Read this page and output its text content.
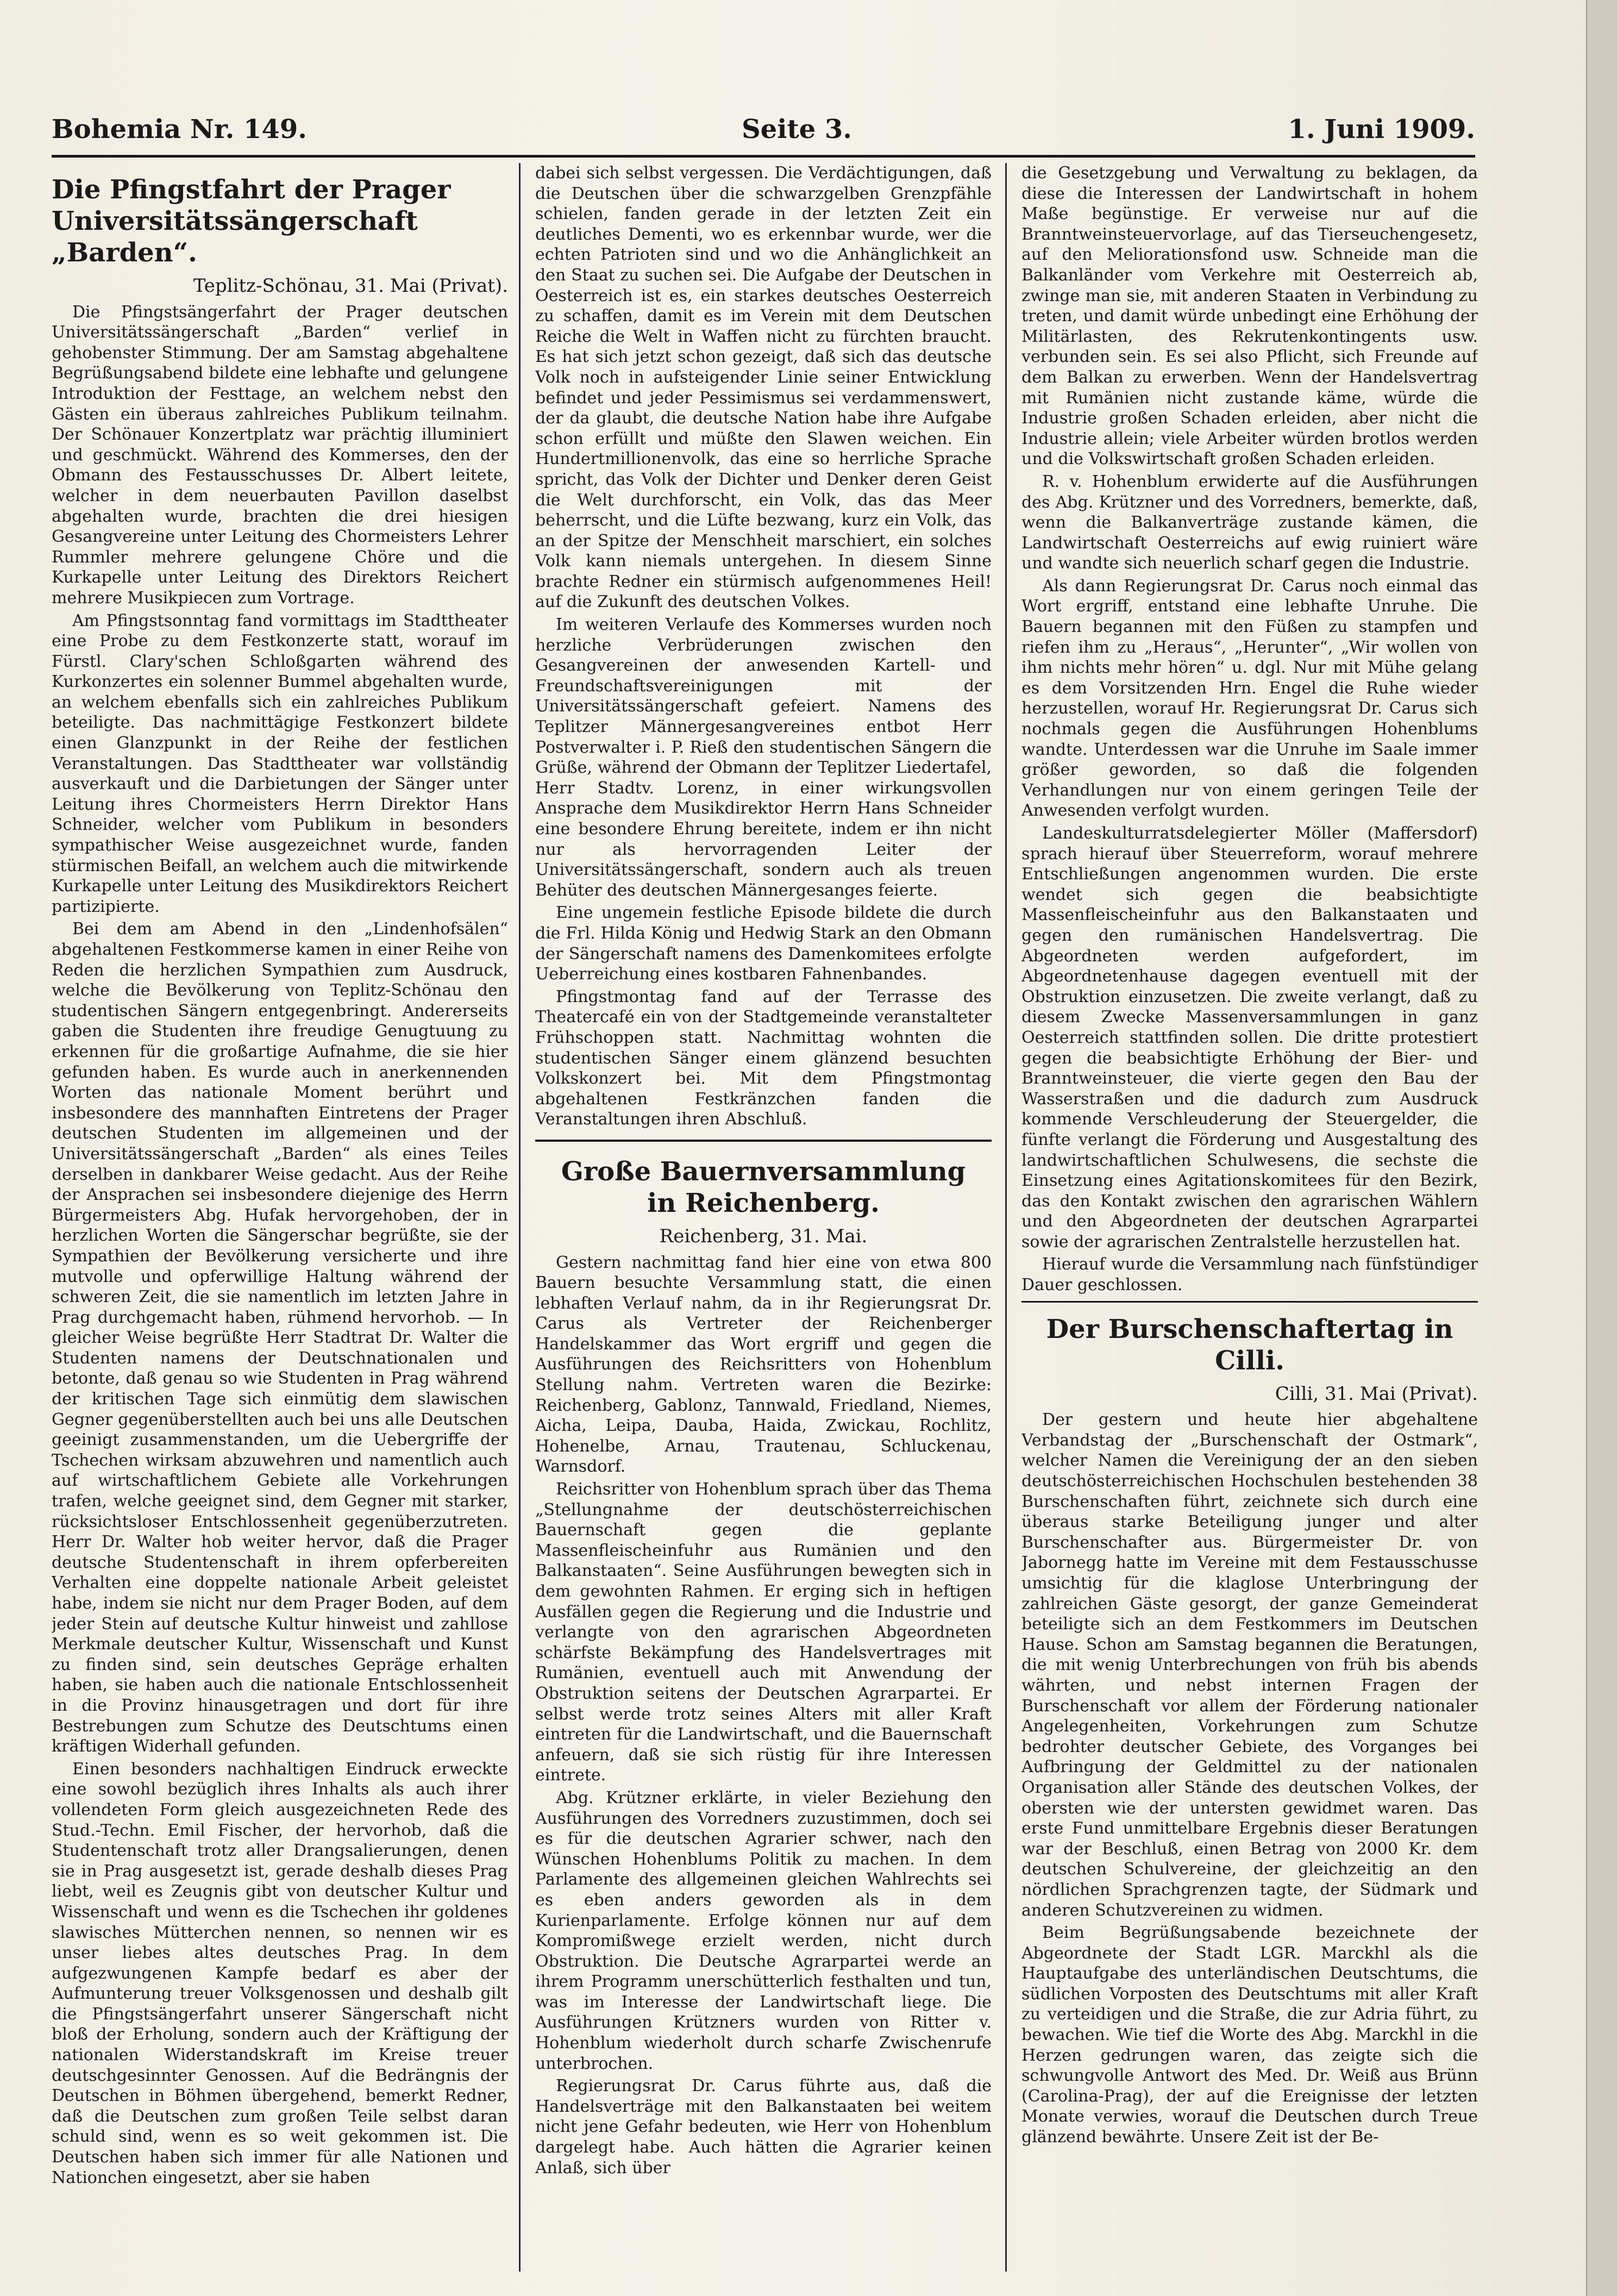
Bohemia Nr. 149.	Seite 3.	1. Juni 1909.
Die Pfingstfahrt der Prager Universitätssängerschaft „Barden“.
Teplitz-Schönau, 31. Mai (Privat).

Die Pfingstsängerfahrt der Prager deutschen Universitätssängerschaft „Barden“ verlief in gehobenster Stimmung. Der am Samstag abgehaltene Begrüßungsabend bildete eine lebhafte und gelungene Introduktion der Festtage, an welchem nebst den Gästen ein überaus zahlreiches Publikum teilnahm. Der Schönauer Konzertplatz war prächtig illuminiert und geschmückt. Während des Kommerses, den der Obmann des Festausschusses Dr. Albert leitete, welcher in dem neuerbauten Pavillon daselbst abgehalten wurde, brachten die drei hiesigen Gesangvereine unter Leitung des Chormeisters Lehrer Rummler mehrere gelungene Chöre und die Kurkapelle unter Leitung des Direktors Reichert mehrere Musikpiecen zum Vortrage.

Am Pfingstsonntag fand vormittags im Stadttheater eine Probe zu dem Festkonzerte statt, worauf im Fürstl. Clary'schen Schloßgarten während des Kurkonzertes ein solenner Bummel abgehalten wurde, an welchem ebenfalls sich ein zahlreiches Publikum beteiligte. Das nachmittägige Festkonzert bildete einen Glanzpunkt in der Reihe der festlichen Veranstaltungen. Das Stadttheater war vollständig ausverkauft und die Darbietungen der Sänger unter Leitung ihres Chormeisters Herrn Direktor Hans Schneider, welcher vom Publikum in besonders sympathischer Weise ausgezeichnet wurde, fanden stürmischen Beifall, an welchem auch die mitwirkende Kurkapelle unter Leitung des Musikdirektors Reichert partizipierte.

Bei dem am Abend in den „Lindenhofsälen“ abgehaltenen Festkommerse kamen in einer Reihe von Reden die herzlichen Sympathien zum Ausdruck, welche die Bevölkerung von Teplitz-Schönau den studentischen Sängern entgegenbringt. Andererseits gaben die Studenten ihre freudige Genugtuung zu erkennen für die großartige Aufnahme, die sie hier gefunden haben. Es wurde auch in anerkennenden Worten das nationale Moment berührt und insbesondere des mannhaften Eintretens der Prager deutschen Studenten im allgemeinen und der Universitätssängerschaft „Barden“ als eines Teiles derselben in dankbarer Weise gedacht. Aus der Reihe der Ansprachen sei insbesondere diejenige des Herrn Bürgermeisters Abg. Hufak hervorgehoben, der in herzlichen Worten die Sängerschar begrüßte, sie der Sympathien der Bevölkerung versicherte und ihre mutvolle und opferwillige Haltung während der schweren Zeit, die sie namentlich im letzten Jahre in Prag durchgemacht haben, rühmend hervorhob. — In gleicher Weise begrüßte Herr Stadtrat Dr. Walter die Studenten namens der Deutschnationalen und betonte, daß genau so wie Studenten in Prag während der kritischen Tage sich einmütig dem slawischen Gegner gegenüberstellten auch bei uns alle Deutschen geeinigt zusammenstanden, um die Uebergriffe der Tschechen wirksam abzuwehren und namentlich auch auf wirtschaftlichem Gebiete alle Vorkehrungen trafen, welche geeignet sind, dem Gegner mit starker, rücksichtsloser Entschlossenheit gegenüberzutreten. Herr Dr. Walter hob weiter hervor, daß die Prager deutsche Studentenschaft in ihrem opferbereiten Verhalten eine doppelte nationale Arbeit geleistet habe, indem sie nicht nur dem Prager Boden, auf dem jeder Stein auf deutsche Kultur hinweist und zahllose Merkmale deutscher Kultur, Wissenschaft und Kunst zu finden sind, sein deutsches Gepräge erhalten haben, sie haben auch die nationale Entschlossenheit in die Provinz hinausgetragen und dort für ihre Bestrebungen zum Schutze des Deutschtums einen kräftigen Widerhall gefunden.

Einen besonders nachhaltigen Eindruck erweckte eine sowohl bezüglich ihres Inhalts als auch ihrer vollendeten Form gleich ausgezeichneten Rede des Stud.-Techn. Emil Fischer, der hervorhob, daß die Studentenschaft trotz aller Drangsalierungen, denen sie in Prag ausgesetzt ist, gerade deshalb dieses Prag liebt, weil es Zeugnis gibt von deutscher Kultur und Wissenschaft und wenn es die Tschechen ihr goldenes slawisches Mütterchen nennen, so nennen wir es unser liebes altes deutsches Prag. In dem aufgezwungenen Kampfe bedarf es aber der Aufmunterung treuer Volksgenossen und deshalb gilt die Pfingstsängerfahrt unserer Sängerschaft nicht bloß der Erholung, sondern auch der Kräftigung der nationalen Widerstandskraft im Kreise treuer deutschgesinnter Genossen. Auf die Bedrängnis der Deutschen in Böhmen übergehend, bemerkt Redner, daß die Deutschen zum großen Teile selbst daran schuld sind, wenn es so weit gekommen ist. Die Deutschen haben sich immer für alle Nationen und Nationchen eingesetzt, aber sie haben

dabei sich selbst vergessen. Die Verdächtigungen, daß die Deutschen über die schwarzgelben Grenzpfähle schielen, fanden gerade in der letzten Zeit ein deutliches Dementi, wo es erkennbar wurde, wer die echten Patrioten sind und wo die Anhänglichkeit an den Staat zu suchen sei. Die Aufgabe der Deutschen in Oesterreich ist es, ein starkes deutsches Oesterreich zu schaffen, damit es im Verein mit dem Deutschen Reiche die Welt in Waffen nicht zu fürchten braucht. Es hat sich jetzt schon gezeigt, daß sich das deutsche Volk noch in aufsteigender Linie seiner Entwicklung befindet und jeder Pessimismus sei verdammenswert, der da glaubt, die deutsche Nation habe ihre Aufgabe schon erfüllt und müßte den Slawen weichen. Ein Hundertmillionenvolk, das eine so herrliche Sprache spricht, das Volk der Dichter und Denker deren Geist die Welt durchforscht, ein Volk, das das Meer beherrscht, und die Lüfte bezwang, kurz ein Volk, das an der Spitze der Menschheit marschiert, ein solches Volk kann niemals untergehen. In diesem Sinne brachte Redner ein stürmisch aufgenommenes Heil! auf die Zukunft des deutschen Volkes.

Im weiteren Verlaufe des Kommerses wurden noch herzliche Verbrüderungen zwischen den Gesangvereinen der anwesenden Kartell- und Freundschaftsvereinigungen mit der Universitätssängerschaft gefeiert. Namens des Teplitzer Männergesangvereines entbot Herr Postverwalter i. P. Rieß den studentischen Sängern die Grüße, während der Obmann der Teplitzer Liedertafel, Herr Stadtv. Lorenz, in einer wirkungsvollen Ansprache dem Musikdirektor Herrn Hans Schneider eine besondere Ehrung bereitete, indem er ihn nicht nur als hervorragenden Leiter der Universitätssängerschaft, sondern auch als treuen Behüter des deutschen Männergesanges feierte.

Eine ungemein festliche Episode bildete die durch die Frl. Hilda König und Hedwig Stark an den Obmann der Sängerschaft namens des Damenkomitees erfolgte Ueberreichung eines kostbaren Fahnenbandes.

Pfingstmontag fand auf der Terrasse des Theatercafé ein von der Stadtgemeinde veranstalteter Frühschoppen statt. Nachmittag wohnten die studentischen Sänger einem glänzend besuchten Volkskonzert bei. Mit dem Pfingstmontag abgehaltenen Festkränzchen fanden die Veranstaltungen ihren Abschluß.

Große Bauernversammlung
in Reichenberg.
Reichenberg, 31. Mai.

Gestern nachmittag fand hier eine von etwa 800 Bauern besuchte Versammlung statt, die einen lebhaften Verlauf nahm, da in ihr Regierungsrat Dr. Carus als Vertreter der Reichenberger Handelskammer das Wort ergriff und gegen die Ausführungen des Reichsritters von Hohenblum Stellung nahm. Vertreten waren die Bezirke: Reichenberg, Gablonz, Tannwald, Friedland, Niemes, Aicha, Leipa, Dauba, Haida, Zwickau, Rochlitz, Hohenelbe, Arnau, Trautenau, Schluckenau, Warnsdorf.

Reichsritter von Hohenblum sprach über das Thema „Stellungnahme der deutschösterreichischen Bauernschaft gegen die geplante Massenfleischeinfuhr aus Rumänien und den Balkanstaaten“. Seine Ausführungen bewegten sich in dem gewohnten Rahmen. Er erging sich in heftigen Ausfällen gegen die Regierung und die Industrie und verlangte von den agrarischen Abgeordneten schärfste Bekämpfung des Handelsvertrages mit Rumänien, eventuell auch mit Anwendung der Obstruktion seitens der Deutschen Agrarpartei. Er selbst werde trotz seines Alters mit aller Kraft eintreten für die Landwirtschaft, und die Bauernschaft anfeuern, daß sie sich rüstig für ihre Interessen eintrete.

Abg. Krützner erklärte, in vieler Beziehung den Ausführungen des Vorredners zuzustimmen, doch sei es für die deutschen Agrarier schwer, nach den Wünschen Hohenblums Politik zu machen. In dem Parlamente des allgemeinen gleichen Wahlrechts sei es eben anders geworden als in dem Kurienparlamente. Erfolge können nur auf dem Kompromißwege erzielt werden, nicht durch Obstruktion. Die Deutsche Agrarpartei werde an ihrem Programm unerschütterlich festhalten und tun, was im Interesse der Landwirtschaft liege. Die Ausführungen Krützners wurden von Ritter v. Hohenblum wiederholt durch scharfe Zwischenrufe unterbrochen.

Regierungsrat Dr. Carus führte aus, daß die Handelsverträge mit den Balkanstaaten bei weitem nicht jene Gefahr bedeuten, wie Herr von Hohenblum dargelegt habe. Auch hätten die Agrarier keinen Anlaß, sich über

die Gesetzgebung und Verwaltung zu beklagen, da diese die Interessen der Landwirtschaft in hohem Maße begünstige. Er verweise nur auf die Branntweinsteuervorlage, auf das Tierseuchengesetz, auf den Meliorationsfond usw. Schneide man die Balkanländer vom Verkehre mit Oesterreich ab, zwinge man sie, mit anderen Staaten in Verbindung zu treten, und damit würde unbedingt eine Erhöhung der Militärlasten, des Rekrutenkontingents usw. verbunden sein. Es sei also Pflicht, sich Freunde auf dem Balkan zu erwerben. Wenn der Handelsvertrag mit Rumänien nicht zustande käme, würde die Industrie großen Schaden erleiden, aber nicht die Industrie allein; viele Arbeiter würden brotlos werden und die Volkswirtschaft großen Schaden erleiden.

R. v. Hohenblum erwiderte auf die Ausführungen des Abg. Krützner und des Vorredners, bemerkte, daß, wenn die Balkanverträge zustande kämen, die Landwirtschaft Oesterreichs auf ewig ruiniert wäre und wandte sich neuerlich scharf gegen die Industrie.

Als dann Regierungsrat Dr. Carus noch einmal das Wort ergriff, entstand eine lebhafte Unruhe. Die Bauern begannen mit den Füßen zu stampfen und riefen ihm zu „Heraus“, „Herunter“, „Wir wollen von ihm nichts mehr hören“ u. dgl. Nur mit Mühe gelang es dem Vorsitzenden Hrn. Engel die Ruhe wieder herzustellen, worauf Hr. Regierungsrat Dr. Carus sich nochmals gegen die Ausführungen Hohenblums wandte. Unterdessen war die Unruhe im Saale immer größer geworden, so daß die folgenden Verhandlungen nur von einem geringen Teile der Anwesenden verfolgt wurden.

Landeskulturratsdelegierter Möller (Maffersdorf) sprach hierauf über Steuerreform, worauf mehrere Entschließungen angenommen wurden. Die erste wendet sich gegen die beabsichtigte Massenfleischeinfuhr aus den Balkanstaaten und gegen den rumänischen Handelsvertrag. Die Abgeordneten werden aufgefordert, im Abgeordnetenhause dagegen eventuell mit der Obstruktion einzusetzen. Die zweite verlangt, daß zu diesem Zwecke Massenversammlungen in ganz Oesterreich stattfinden sollen. Die dritte protestiert gegen die beabsichtigte Erhöhung der Bier- und Branntweinsteuer, die vierte gegen den Bau der Wasserstraßen und die dadurch zum Ausdruck kommende Verschleuderung der Steuergelder, die fünfte verlangt die Förderung und Ausgestaltung des landwirtschaftlichen Schulwesens, die sechste die Einsetzung eines Agitationskomitees für den Bezirk, das den Kontakt zwischen den agrarischen Wählern und den Abgeordneten der deutschen Agrarpartei sowie der agrarischen Zentralstelle herzustellen hat.

Hierauf wurde die Versammlung nach fünfstündiger Dauer geschlossen.

Der Burschenschaftertag in Cilli.
Cilli, 31. Mai (Privat).

Der gestern und heute hier abgehaltene Verbandstag der „Burschenschaft der Ostmark“, welcher Namen die Vereinigung der an den sieben deutschösterreichischen Hochschulen bestehenden 38 Burschenschaften führt, zeichnete sich durch eine überaus starke Beteiligung junger und alter Burschenschafter aus. Bürgermeister Dr. von Jabornegg hatte im Vereine mit dem Festausschusse umsichtig für die klaglose Unterbringung der zahlreichen Gäste gesorgt, der ganze Gemeinderat beteiligte sich an dem Festkommers im Deutschen Hause. Schon am Samstag begannen die Beratungen, die mit wenig Unterbrechungen von früh bis abends währten, und nebst internen Fragen der Burschenschaft vor allem der Förderung nationaler Angelegenheiten, Vorkehrungen zum Schutze bedrohter deutscher Gebiete, des Vorganges bei Aufbringung der Geldmittel zu der nationalen Organisation aller Stände des deutschen Volkes, der obersten wie der untersten gewidmet waren. Das erste Fund unmittelbare Ergebnis dieser Beratungen war der Beschluß, einen Betrag von 2000 Kr. dem deutschen Schulvereine, der gleichzeitig an den nördlichen Sprachgrenzen tagte, der Südmark und anderen Schutzvereinen zu widmen.

Beim Begrüßungsabende bezeichnete der Abgeordnete der Stadt LGR. Marckhl als die Hauptaufgabe des unterländischen Deutschtums, die südlichen Vorposten des Deutschtums mit aller Kraft zu verteidigen und die Straße, die zur Adria führt, zu bewachen. Wie tief die Worte des Abg. Marckhl in die Herzen gedrungen waren, das zeigte sich die schwungvolle Antwort des Med. Dr. Weiß aus Brünn (Carolina-Prag), der auf die Ereignisse der letzten Monate verwies, worauf die Deutschen durch Treue glänzend bewährte. Unsere Zeit ist der Be-
